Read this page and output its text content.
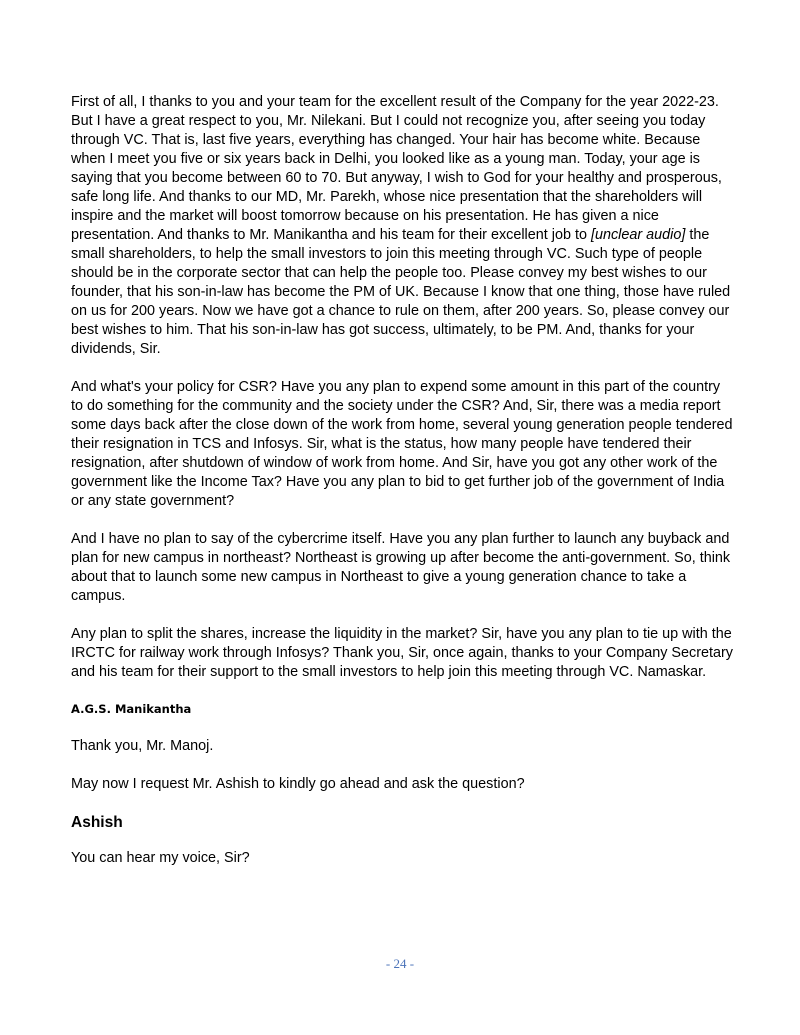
First of all, I thanks to you and your team for the excellent result of the Company for the year 2022-23. But I have a great respect to you, Mr. Nilekani. But I could not recognize you, after seeing you today through VC. That is, last five years, everything has changed. Your hair has become white. Because when I meet you five or six years back in Delhi, you looked like as a young man. Today, your age is saying that you become between 60 to 70. But anyway, I wish to God for your healthy and prosperous, safe long life. And thanks to our MD, Mr. Parekh, whose nice presentation that the shareholders will inspire and the market will boost tomorrow because on his presentation. He has given a nice presentation. And thanks to Mr. Manikantha and his team for their excellent job to [unclear audio] the small shareholders, to help the small investors to join this meeting through VC. Such type of people should be in the corporate sector that can help the people too. Please convey my best wishes to our founder, that his son-in-law has become the PM of UK. Because I know that one thing, those have ruled on us for 200 years. Now we have got a chance to rule on them, after 200 years. So, please convey our best wishes to him. That his son-in-law has got success, ultimately, to be PM. And, thanks for your dividends, Sir.

And what's your policy for CSR? Have you any plan to expend some amount in this part of the country to do something for the community and the society under the CSR? And, Sir, there was a media report some days back after the close down of the work from home, several young generation people tendered their resignation in TCS and Infosys. Sir, what is the status, how many people have tendered their resignation, after shutdown of window of work from home. And Sir, have you got any other work of the government like the Income Tax? Have you any plan to bid to get further job of the government of India or any state government?

And I have no plan to say of the cybercrime itself. Have you any plan further to launch any buyback and plan for new campus in northeast? Northeast is growing up after become the anti-government. So, think about that to launch some new campus in Northeast to give a young generation chance to take a campus.

Any plan to split the shares, increase the liquidity in the market? Sir, have you any plan to tie up with the IRCTC for railway work through Infosys? Thank you, Sir, once again, thanks to your Company Secretary and his team for their support to the small investors to help join this meeting through VC. Namaskar.

A.G.S. Manikantha

Thank you, Mr. Manoj.

May now I request Mr. Ashish to kindly go ahead and ask the question?

Ashish

You can hear my voice, Sir?

- 24 -
